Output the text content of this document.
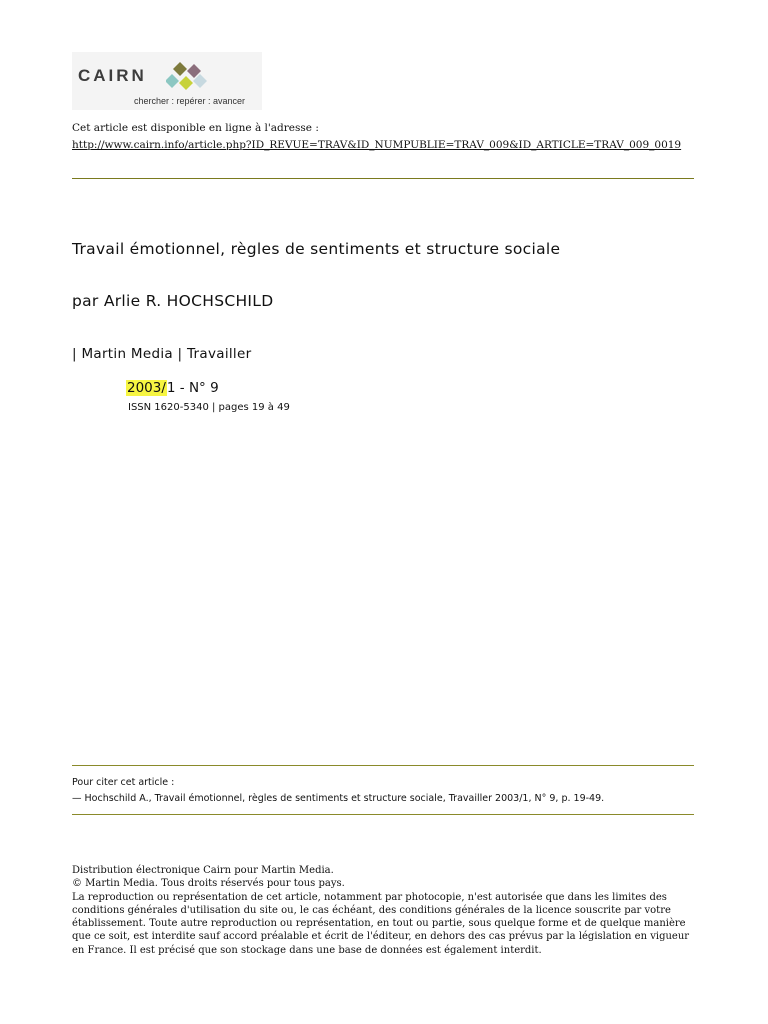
CAIRN
chercher : repérer : avancer
Cet article est disponible en ligne à l'adresse :
http://www.cairn.info/article.php?ID_REVUE=TRAV&ID_NUMPUBLIE=TRAV_009&ID_ARTICLE=TRAV_009_0019
Travail émotionnel, règles de sentiments et structure sociale
par Arlie R. HOCHSCHILD
| Martin Media | Travailler
2003/1 - N° 9
ISSN 1620-5340 | pages 19 à 49
Pour citer cet article :
— Hochschild A., Travail émotionnel, règles de sentiments et structure sociale, Travailler 2003/1, N° 9, p. 19-49.

Distribution électronique Cairn pour Martin Media.

© Martin Media. Tous droits réservés pour tous pays.

La reproduction ou représentation de cet article, notamment par photocopie, n'est autorisée que dans les limites des conditions générales d'utilisation du site ou, le cas échéant, des conditions générales de la licence souscrite par votre établissement. Toute autre reproduction ou représentation, en tout ou partie, sous quelque forme et de quelque manière que ce soit, est interdite sauf accord préalable et écrit de l'éditeur, en dehors des cas prévus par la législation en vigueur en France. Il est précisé que son stockage dans une base de données est également interdit.
